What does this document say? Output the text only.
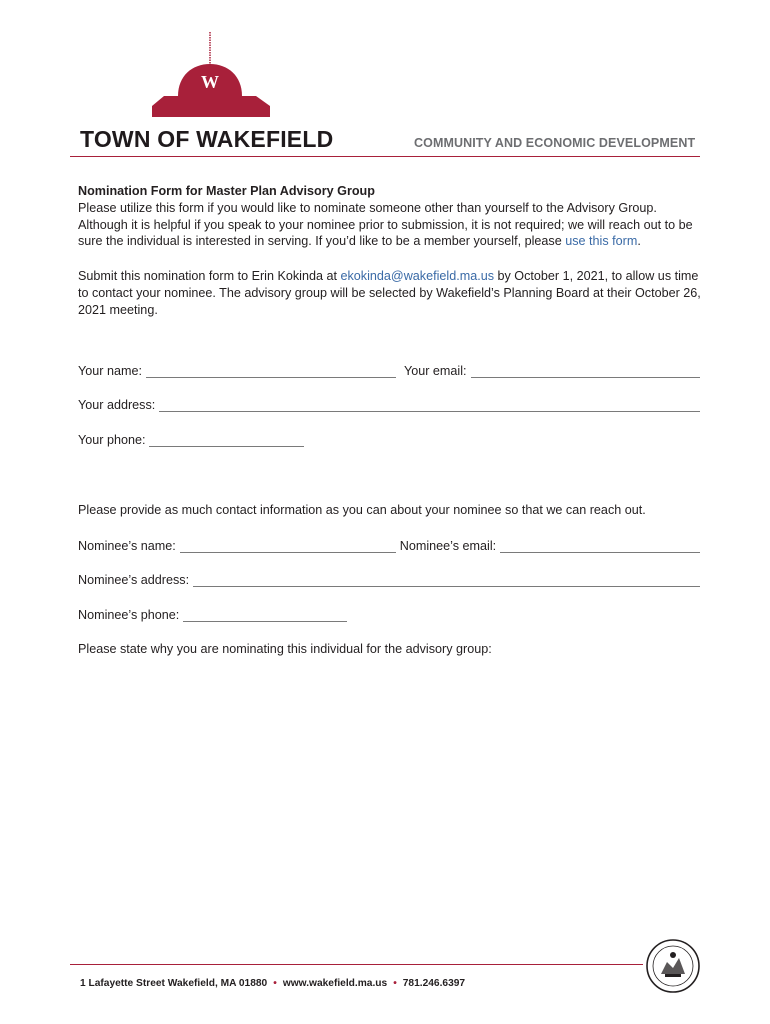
W
TOWN OF WAKEFIELD	COMMUNITY AND ECONOMIC DEVELOPMENT

Nomination Form for Master Plan Advisory Group

Please utilize this form if you would like to nominate someone other than yourself to the Advisory Group. Although it is helpful if you speak to your nominee prior to submission, it is not required; we will reach out to be sure the individual is interested in serving. If you’d like to be a member yourself, please use this form.

Submit this nomination form to Erin Kokinda at ekokinda@wakefield.ma.us by October 1, 2021, to allow us time to contact your nominee. The advisory group will be selected by Wakefield’s Planning Board at their October 26, 2021 meeting.

Your name:	Your email:
Your address:
Your phone:
Please provide as much contact information as you can about your nominee so that we can reach out.
Nominee’s name:	Nominee’s email:
Nominee’s address:
Nominee’s phone:
Please state why you are nominating this individual for the advisory group:
1 Lafayette Street Wakefield, MA 01880 • www.wakefield.ma.us • 781.246.6397
